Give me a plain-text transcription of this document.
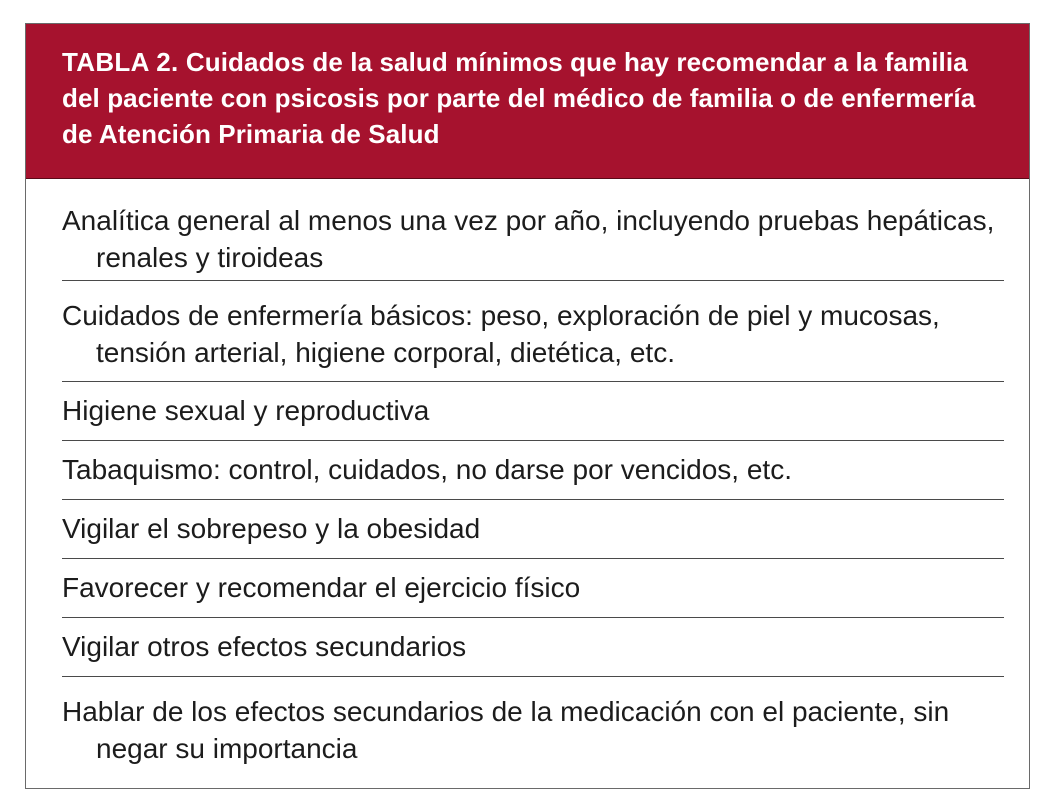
TABLA 2. Cuidados de la salud mínimos que hay recomendar a la familia del paciente con psicosis por parte del médico de familia o de enfermería de Atención Primaria de Salud

Analítica general al menos una vez por año, incluyendo pruebas hepáticas, renales y tiroideas
Cuidados de enfermería básicos: peso, exploración de piel y mucosas, tensión arterial, higiene corporal, dietética, etc.
Higiene sexual y reproductiva
Tabaquismo: control, cuidados, no darse por vencidos, etc.
Vigilar el sobrepeso y la obesidad
Favorecer y recomendar el ejercicio físico
Vigilar otros efectos secundarios
Hablar de los efectos secundarios de la medicación con el paciente, sin negar su importancia
